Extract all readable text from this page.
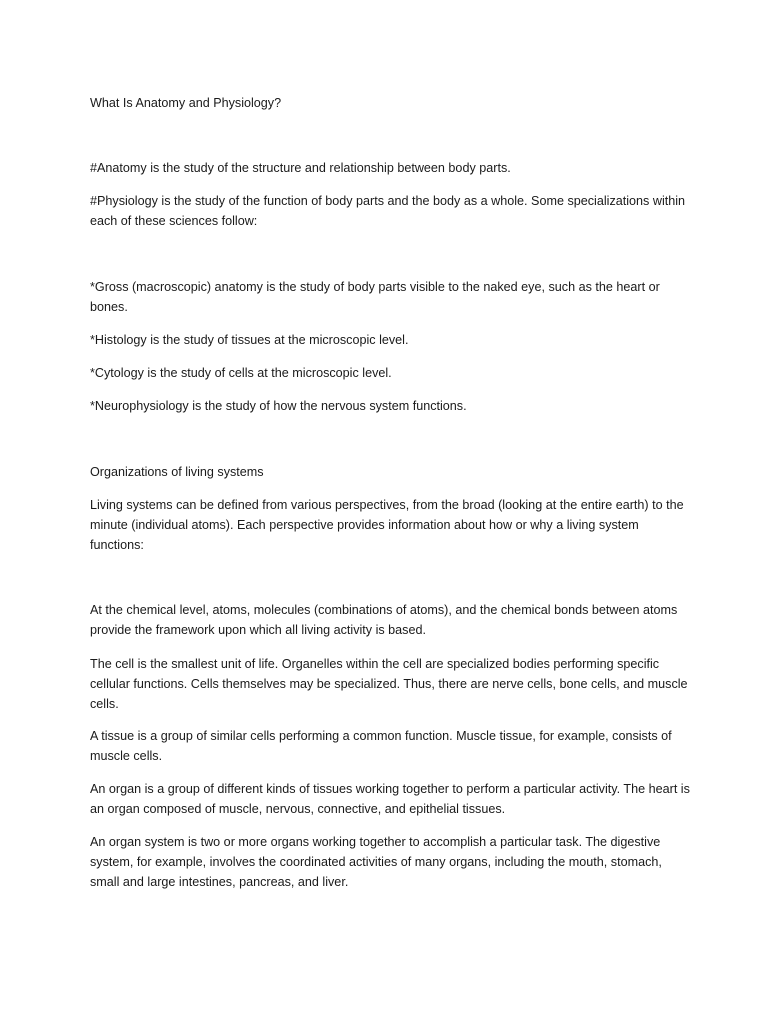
What Is Anatomy and Physiology?

#Anatomy is the study of the structure and relationship between body parts.

#Physiology is the study of the function of body parts and the body as a whole. Some specializations within each of these sciences follow:

*Gross (macroscopic) anatomy is the study of body parts visible to the naked eye, such as the heart or bones.

*Histology is the study of tissues at the microscopic level.

*Cytology is the study of cells at the microscopic level.

*Neurophysiology is the study of how the nervous system functions.

Organizations of living systems

Living systems can be defined from various perspectives, from the broad (looking at the entire earth) to the minute (individual atoms). Each perspective provides information about how or why a living system functions:

At the chemical level, atoms, molecules (combinations of atoms), and the chemical bonds between atoms provide the framework upon which all living activity is based.

The cell is the smallest unit of life. Organelles within the cell are specialized bodies performing specific cellular functions. Cells themselves may be specialized. Thus, there are nerve cells, bone cells, and muscle cells.

A tissue is a group of similar cells performing a common function. Muscle tissue, for example, consists of muscle cells.

An organ is a group of different kinds of tissues working together to perform a particular activity. The heart is an organ composed of muscle, nervous, connective, and epithelial tissues.

An organ system is two or more organs working together to accomplish a particular task. The digestive system, for example, involves the coordinated activities of many organs, including the mouth, stomach, small and large intestines, pancreas, and liver.
